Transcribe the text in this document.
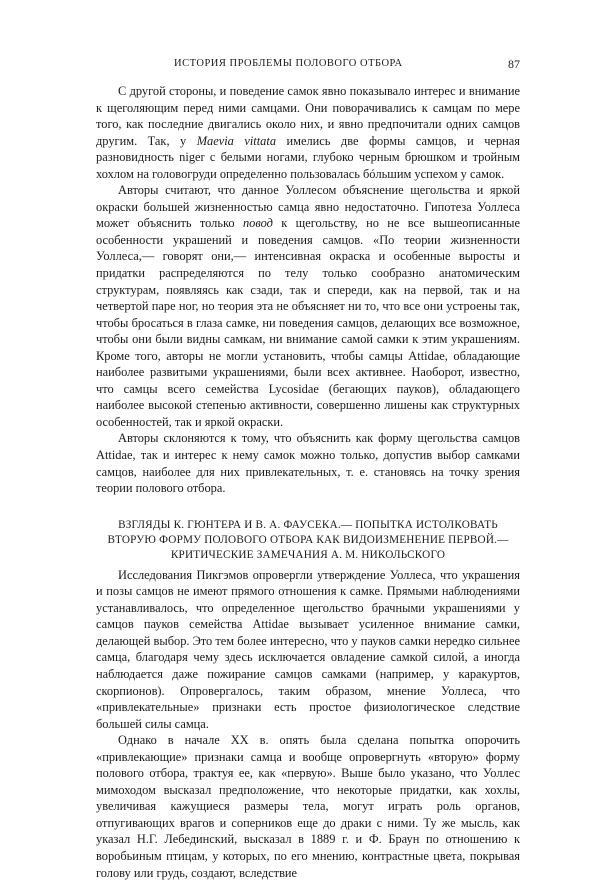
ИСТОРИЯ ПРОБЛЕМЫ ПОЛОВОГО ОТБОРА	87

С другой стороны, и поведение самок явно показывало интерес и внимание к щеголяющим перед ними самцами. Они поворачивались к самцам по мере того, как последние двигались около них, и явно предпочитали одних самцов другим. Так, у Maevia vittata имелись две формы самцов, и черная разновидность niger с белыми ногами, глубоко черным брюшком и тройным хохлом на головогруди определенно пользовалась бóльшим успехом у самок.

Авторы считают, что данное Уоллесом объяснение щегольства и яркой окраски большей жизненностью самца явно недостаточно. Гипотеза Уоллеса может объяснить только повод к щегольству, но не все вышеописанные особенности украшений и поведения самцов. «По теории жизненности Уоллеса,— говорят они,— интенсивная окраска и особенные выросты и придатки распределяются по телу только сообразно анатомическим структурам, появляясь как сзади, так и спереди, как на первой, так и на четвертой паре ног, но теория эта не объясняет ни то, что все они устроены так, чтобы бросаться в глаза самке, ни поведения самцов, делающих все возможное, чтобы они были видны самкам, ни внимание самой самки к этим украшениям. Кроме того, авторы не могли установить, чтобы самцы Attidae, обладающие наиболее развитыми украшениями, были всех активнее. Наоборот, известно, что самцы всего семейства Lycosidae (бегающих пауков), обладающего наиболее высокой степенью активности, совершенно лишены как структурных особенностей, так и яркой окраски.

Авторы склоняются к тому, что объяснить как форму щегольства самцов Attidae, так и интерес к нему самок можно только, допустив выбор самками самцов, наиболее для них привлекательных, т. е. становясь на точку зрения теории полового отбора.

ВЗГЛЯДЫ К. ГЮНТЕРА И В. А. ФАУСЕКА.— ПОПЫТКА ИСТОЛКОВАТЬ ВТОРУЮ ФОРМУ ПОЛОВОГО ОТБОРА КАК ВИДОИЗМЕНЕНИЕ ПЕРВОЙ.— КРИТИЧЕСКИЕ ЗАМЕЧАНИЯ А. М. НИКОЛЬСКОГО

Исследования Пикгэмов опровергли утверждение Уоллеса, что украшения и позы самцов не имеют прямого отношения к самке. Прямыми наблюдениями устанавливалось, что определенное щегольство брачными украшениями у самцов пауков семейства Attidae вызывает усиленное внимание самки, делающей выбор. Это тем более интересно, что у пауков самки нередко сильнее самца, благодаря чему здесь исключается овладение самкой силой, а иногда наблюдается даже пожирание самцов самками (например, у каракуртов, скорпионов). Опровергалось, таким образом, мнение Уоллеса, что «привлекательные» признаки есть простое физиологическое следствие большей силы самца.

Однако в начале XX в. опять была сделана попытка опорочить «привлекающие» признаки самца и вообще опровергнуть «вторую» форму полового отбора, трактуя ее, как «первую». Выше было указано, что Уоллес мимоходом высказал предположение, что некоторые придатки, как хохлы, увеличивая кажущиеся размеры тела, могут играть роль органов, отпугивающих врагов и соперников еще до драки с ними. Ту же мысль, как указал Н.Г. Лебединский, высказал в 1889 г. и Ф. Браун по отношению к воробьиным птицам, у которых, по его мнению, контрастные цвета, покрывая голову или грудь, создают, вследствие
